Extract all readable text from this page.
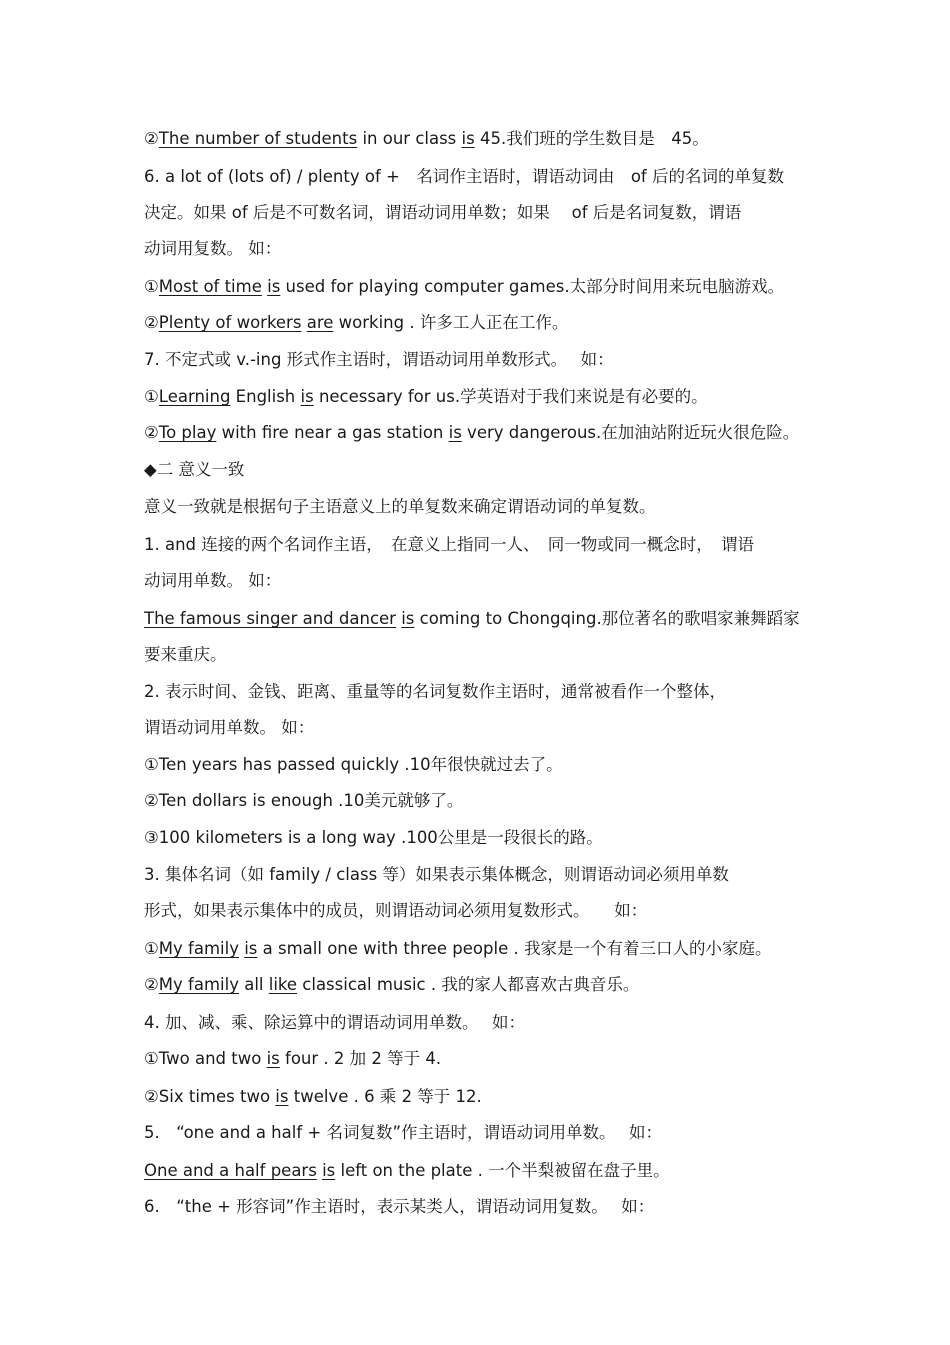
②The number of students in our class is 45.我们班的学生数目是　45。
6. a lot of (lots of) / plenty of +　名词作主语时，谓语动词由　of 后的名词的单复数
决定。如果 of 后是不可数名词，谓语动词用单数；如果　 of 后是名词复数，谓语
动词用复数。 如：
①Most of time is used for playing computer games.太部分时间用来玩电脑游戏。
②Plenty of workers are working . 许多工人正在工作。
7. 不定式或 v.-ing 形式作主语时，谓语动词用单数形式。　 如：
①Learning English is necessary for us.学英语对于我们来说是有必要的。
②To play with fire near a gas station is very dangerous.在加油站附近玩火很危险。
◆二 意义一致
意义一致就是根据句子主语意义上的单复数来确定谓语动词的单复数。
1. and 连接的两个名词作主语，　在意义上指同一人、　同一物或同一概念时，　谓语
动词用单数。 如：
The famous singer and dancer is coming to Chongqing.那位著名的歌唱家兼舞蹈家
要来重庆。
2. 表示时间、金钱、距离、重量等的名词复数作主语时，通常被看作一个整体，
谓语动词用单数。 如：
①Ten years has passed quickly .10年很快就过去了。
②Ten dollars is enough .10美元就够了。
③100 kilometers is a long way .100公里是一段很长的路。
3. 集体名词（如 family / class 等）如果表示集体概念，则谓语动词必须用单数
形式，如果表示集体中的成员，则谓语动词必须用复数形式。　　如：
①My family is a small one with three people . 我家是一个有着三口人的小家庭。
②My family all like classical music . 我的家人都喜欢古典音乐。
4. 加、减、乘、除运算中的谓语动词用单数。　 如：
①Two and two is four . 2 加 2 等于 4.
②Six times two is twelve . 6 乘 2 等于 12.
5.　“one and a half + 名词复数”作主语时，谓语动词用单数。　 如：
One and a half pears is left on the plate . 一个半梨被留在盘子里。
6.　“the + 形容词”作主语时，表示某类人，谓语动词用复数。　 如：
